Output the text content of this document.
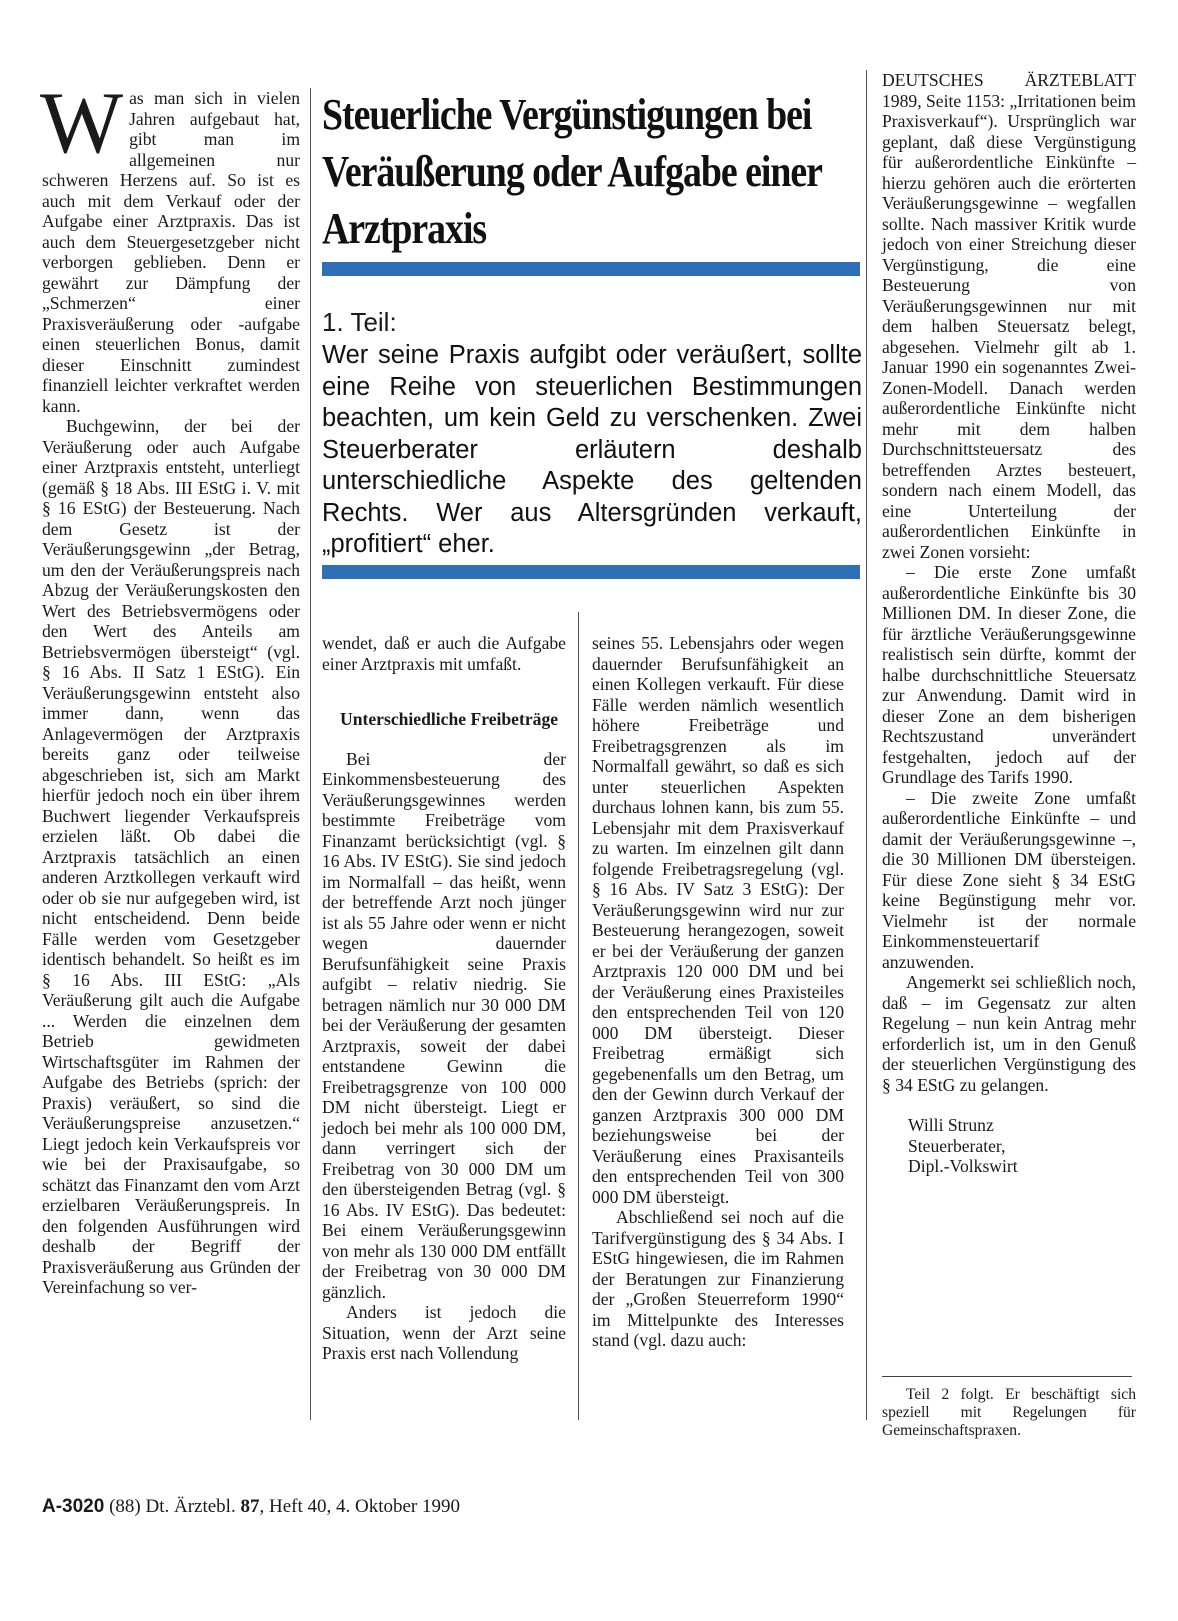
Was man sich in vielen Jahren aufgebaut hat, gibt man im allgemeinen nur schweren Herzens auf. So ist es auch mit dem Verkauf oder der Aufgabe einer Arztpraxis. Das ist auch dem Steuergesetzgeber nicht verborgen geblieben. Denn er gewährt zur Dämpfung der „Schmerzen“ einer Praxisveräußerung oder -aufgabe einen steuerlichen Bonus, damit dieser Einschnitt zumindest finanziell leichter verkraftet werden kann.

Buchgewinn, der bei der Veräußerung oder auch Aufgabe einer Arztpraxis entsteht, unterliegt (gemäß § 18 Abs. III EStG i. V. mit § 16 EStG) der Besteuerung. Nach dem Gesetz ist der Veräußerungsgewinn „der Betrag, um den der Veräußerungspreis nach Abzug der Veräußerungskosten den Wert des Betriebsvermögens oder den Wert des Anteils am Betriebsvermögen übersteigt“ (vgl. § 16 Abs. II Satz 1 EStG). Ein Veräußerungsgewinn entsteht also immer dann, wenn das Anlagevermögen der Arztpraxis bereits ganz oder teilweise abgeschrieben ist, sich am Markt hierfür jedoch noch ein über ihrem Buchwert liegender Verkaufspreis erzielen läßt. Ob dabei die Arztpraxis tatsächlich an einen anderen Arztkollegen verkauft wird oder ob sie nur aufgegeben wird, ist nicht entscheidend. Denn beide Fälle werden vom Gesetzgeber identisch behandelt. So heißt es im § 16 Abs. III EStG: „Als Veräußerung gilt auch die Aufgabe ... Werden die einzelnen dem Betrieb gewidmeten Wirtschaftsgüter im Rahmen der Aufgabe des Betriebs (sprich: der Praxis) veräußert, so sind die Veräußerungspreise anzusetzen.“ Liegt jedoch kein Verkaufspreis vor wie bei der Praxisaufgabe, so schätzt das Finanzamt den vom Arzt erzielbaren Veräußerungspreis. In den folgenden Ausführungen wird deshalb der Begriff der Praxisveräußerung aus Gründen der Vereinfachung so ver-

Steuerliche Vergünstigungen bei Veräußerung oder Aufgabe einer Arztpraxis
1. Teil:
Wer seine Praxis aufgibt oder veräußert, sollte eine Reihe von steuerlichen Bestimmungen beachten, um kein Geld zu verschenken. Zwei Steuerberater erläutern deshalb unterschiedliche Aspekte des geltenden Rechts. Wer aus Altersgründen verkauft, „profitiert“ eher.

wendet, daß er auch die Aufgabe einer Arztpraxis mit umfaßt.

Unterschiedliche Freibeträge

Bei der Einkommensbesteuerung des Veräußerungsgewinnes werden bestimmte Freibeträge vom Finanzamt berücksichtigt (vgl. § 16 Abs. IV EStG). Sie sind jedoch im Normalfall – das heißt, wenn der betreffende Arzt noch jünger ist als 55 Jahre oder wenn er nicht wegen dauernder Berufsunfähigkeit seine Praxis aufgibt – relativ niedrig. Sie betragen nämlich nur 30 000 DM bei der Veräußerung der gesamten Arztpraxis, soweit der dabei entstandene Gewinn die Freibetragsgrenze von 100 000 DM nicht übersteigt. Liegt er jedoch bei mehr als 100 000 DM, dann verringert sich der Freibetrag von 30 000 DM um den übersteigenden Betrag (vgl. § 16 Abs. IV EStG). Das bedeutet: Bei einem Veräußerungsgewinn von mehr als 130 000 DM entfällt der Freibetrag von 30 000 DM gänzlich.

Anders ist jedoch die Situation, wenn der Arzt seine Praxis erst nach Vollendung

seines 55. Lebensjahrs oder wegen dauernder Berufsunfähigkeit an einen Kollegen verkauft. Für diese Fälle werden nämlich wesentlich höhere Freibeträge und Freibetragsgrenzen als im Normalfall gewährt, so daß es sich unter steuerlichen Aspekten durchaus lohnen kann, bis zum 55. Lebensjahr mit dem Praxisverkauf zu warten. Im einzelnen gilt dann folgende Freibetragsregelung (vgl. § 16 Abs. IV Satz 3 EStG): Der Veräußerungsgewinn wird nur zur Besteuerung herangezogen, soweit er bei der Veräußerung der ganzen Arztpraxis 120 000 DM und bei der Veräußerung eines Praxisteiles den entsprechenden Teil von 120 000 DM übersteigt. Dieser Freibetrag ermäßigt sich gegebenenfalls um den Betrag, um den der Gewinn durch Verkauf der ganzen Arztpraxis 300 000 DM beziehungsweise bei der Veräußerung eines Praxisanteils den entsprechenden Teil von 300 000 DM übersteigt.

Abschließend sei noch auf die Tarifvergünstigung des § 34 Abs. I EStG hingewiesen, die im Rahmen der Beratungen zur Finanzierung der „Großen Steuerreform 1990“ im Mittelpunkte des Interesses stand (vgl. dazu auch:

DEUTSCHES ÄRZTEBLATT 1989, Seite 1153: „Irritationen beim Praxisverkauf“). Ursprünglich war geplant, daß diese Vergünstigung für außerordentliche Einkünfte – hierzu gehören auch die erörterten Veräußerungsgewinne – wegfallen sollte. Nach massiver Kritik wurde jedoch von einer Streichung dieser Vergünstigung, die eine Besteuerung von Veräußerungsgewinnen nur mit dem halben Steuersatz belegt, abgesehen. Vielmehr gilt ab 1. Januar 1990 ein sogenanntes Zwei-Zonen-Modell. Danach werden außerordentliche Einkünfte nicht mehr mit dem halben Durchschnittsteuersatz des betreffenden Arztes besteuert, sondern nach einem Modell, das eine Unterteilung der außerordentlichen Einkünfte in zwei Zonen vorsieht:

– Die erste Zone umfaßt außerordentliche Einkünfte bis 30 Millionen DM. In dieser Zone, die für ärztliche Veräußerungsgewinne realistisch sein dürfte, kommt der halbe durchschnittliche Steuersatz zur Anwendung. Damit wird in dieser Zone an dem bisherigen Rechtszustand unverändert festgehalten, jedoch auf der Grundlage des Tarifs 1990.

– Die zweite Zone umfaßt außerordentliche Einkünfte – und damit der Veräußerungsgewinne –, die 30 Millionen DM übersteigen. Für diese Zone sieht § 34 EStG keine Begünstigung mehr vor. Vielmehr ist der normale Einkommensteuertarif anzuwenden.

Angemerkt sei schließlich noch, daß – im Gegensatz zur alten Regelung – nun kein Antrag mehr erforderlich ist, um in den Genuß der steuerlichen Vergünstigung des § 34 EStG zu gelangen.

Willi Strunz

Steuerberater,

Dipl.-Volkswirt

Teil 2 folgt. Er beschäftigt sich speziell mit Regelungen für Gemeinschaftspraxen.
A-3020 (88) Dt. Ärztebl. 87, Heft 40, 4. Oktober 1990
